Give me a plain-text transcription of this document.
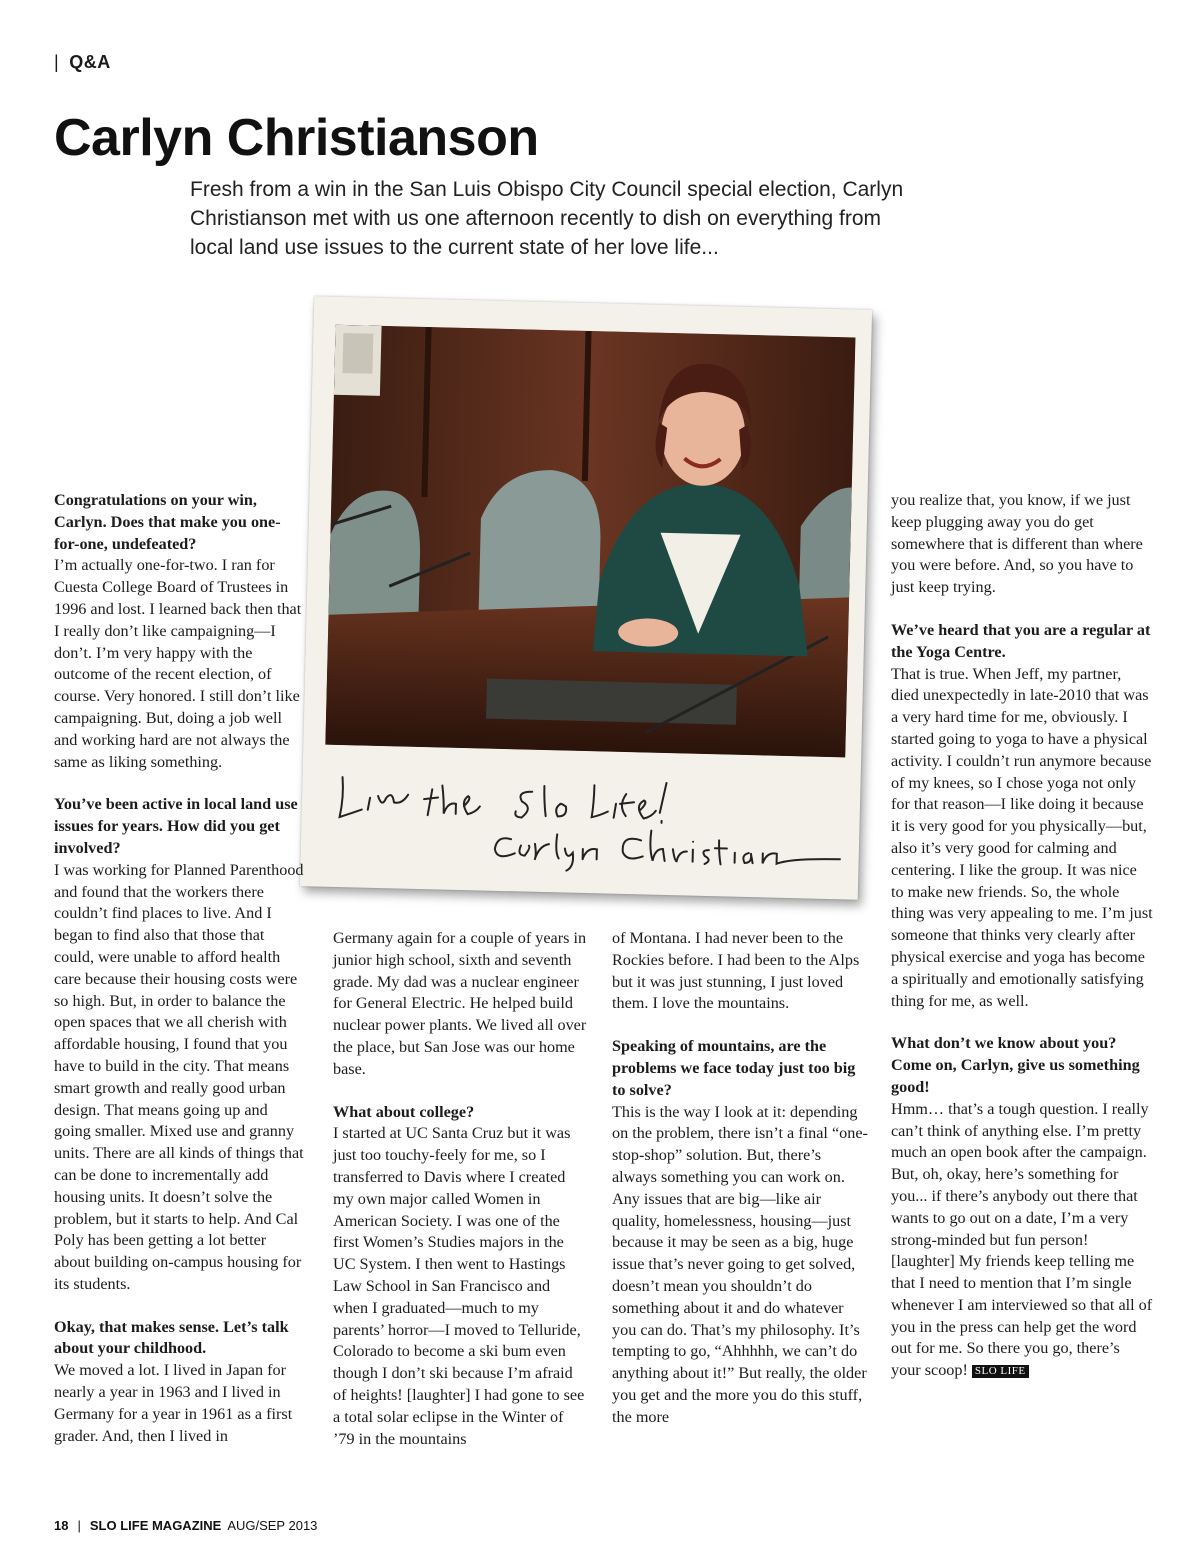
| Q&A
Carlyn Christianson

Fresh from a win in the San Luis Obispo City Council special election, Carlyn Christianson met with us one afternoon recently to dish on everything from local land use issues to the current state of her love life...

Congratulations on your win, Carlyn. Does that make you one-for-one, undefeated?
I’m actually one-for-two. I ran for Cuesta College Board of Trustees in 1996 and lost. I learned back then that I really don’t like campaigning—I don’t. I’m very happy with the outcome of the recent election, of course. Very honored. I still don’t like campaigning. But, doing a job well and working hard are not always the same as liking something.

You’ve been active in local land use issues for years. How did you get involved?
I was working for Planned Parenthood and found that the workers there couldn’t find places to live. And I began to find also that those that could, were unable to afford health care because their housing costs were so high. But, in order to balance the open spaces that we all cherish with affordable housing, I found that you have to build in the city. That means smart growth and really good urban design. That means going up and going smaller. Mixed use and granny units. There are all kinds of things that can be done to incrementally add housing units. It doesn’t solve the problem, but it starts to help. And Cal Poly has been getting a lot better about building on-campus housing for its students.

Okay, that makes sense. Let’s talk about your childhood.
We moved a lot. I lived in Japan for nearly a year in 1963 and I lived in Germany for a year in 1961 as a first grader. And, then I lived in

Germany again for a couple of years in junior high school, sixth and seventh grade. My dad was a nuclear engineer for General Electric. He helped build nuclear power plants. We lived all over the place, but San Jose was our home base.

What about college?
I started at UC Santa Cruz but it was just too touchy-feely for me, so I transferred to Davis where I created my own major called Women in American Society. I was one of the first Women’s Studies majors in the UC System. I then went to Hastings Law School in San Francisco and when I graduated—much to my parents’ horror—I moved to Telluride, Colorado to become a ski bum even though I don’t ski because I’m afraid of heights! [laughter] I had gone to see a total solar eclipse in the Winter of ’79 in the mountains

of Montana. I had never been to the Rockies before. I had been to the Alps but it was just stunning, I just loved them. I love the mountains.

Speaking of mountains, are the problems we face today just too big to solve?
This is the way I look at it: depending on the problem, there isn’t a final “one-stop-shop” solution. But, there’s always something you can work on. Any issues that are big—like air quality, homelessness, housing—just because it may be seen as a big, huge issue that’s never going to get solved, doesn’t mean you shouldn’t do something about it and do whatever you can do. That’s my philosophy. It’s tempting to go, “Ahhhhh, we can’t do anything about it!” But really, the older you get and the more you do this stuff, the more

you realize that, you know, if we just keep plugging away you do get somewhere that is different than where you were before. And, so you have to just keep trying.

We’ve heard that you are a regular at the Yoga Centre.
That is true. When Jeff, my partner, died unexpectedly in late-2010 that was a very hard time for me, obviously. I started going to yoga to have a physical activity. I couldn’t run anymore because of my knees, so I chose yoga not only for that reason—I like doing it because it is very good for you physically—but, also it’s very good for calming and centering. I like the group. It was nice to make new friends. So, the whole thing was very appealing to me. I’m just someone that thinks very clearly after physical exercise and yoga has become a spiritually and emotionally satisfying thing for me, as well.

What don’t we know about you? Come on, Carlyn, give us something good!
Hmm… that’s a tough question. I really can’t think of anything else. I’m pretty much an open book after the campaign. But, oh, okay, here’s something for you... if there’s anybody out there that wants to go out on a date, I’m a very strong-minded but fun person! [laughter] My friends keep telling me that I need to mention that I’m single whenever I am interviewed so that all of you in the press can help get the word out for me. So there you go, there’s your scoop! SLO LIFE

18 | SLO LIFE MAGAZINE AUG/SEP 2013
